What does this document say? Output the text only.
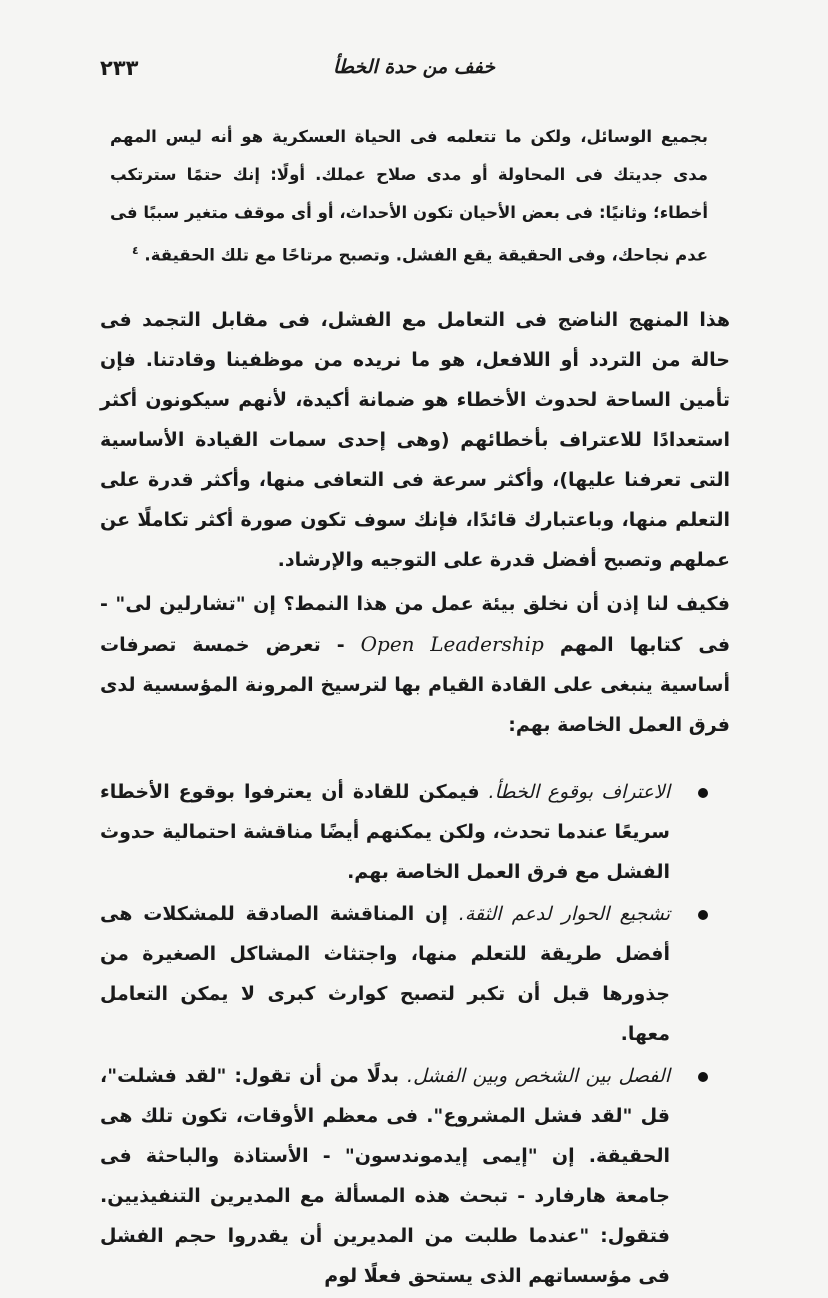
٢٣٣	خفف من حدة الخطأ
بجميع الوسائل، ولكن ما تتعلمه فى الحياة العسكرية هو أنه ليس المهم مدى جديتك فى المحاولة أو مدى صلاح عملك. أولًا: إنك حتمًا سترتكب أخطاء؛ وثانيًا: فى بعض الأحيان تكون الأحداث، أو أى موقف متغير سببًا فى عدم نجاحك، وفى الحقيقة يقع الفشل. وتصبح مرتاحًا مع تلك الحقيقة. $^٤$
هذا المنهج الناضج فى التعامل مع الفشل، فى مقابل التجمد فى حالة من التردد أو اللافعل، هو ما نريده من موظفينا وقادتنا. فإن تأمين الساحة لحدوث الأخطاء هو ضمانة أكيدة، لأنهم سيكونون أكثر استعدادًا للاعتراف بأخطائهم (وهى إحدى سمات القيادة الأساسية التى تعرفنا عليها)، وأكثر سرعة فى التعافى منها، وأكثر قدرة على التعلم منها، وباعتبارك قائدًا، فإنك سوف تكون صورة أكثر تكاملًا عن عملهم وتصبح أفضل قدرة على التوجيه والإرشاد.
فكيف لنا إذن أن نخلق بيئة عمل من هذا النمط؟ إن "تشارلين لى" - فى كتابها المهم Open Leadership - تعرض خمسة تصرفات أساسية ينبغى على القادة القيام بها لترسيخ المرونة المؤسسية لدى فرق العمل الخاصة بهم:
الاعتراف بوقوع الخطأ. فيمكن للقادة أن يعترفوا بوقوع الأخطاء سريعًا عندما تحدث، ولكن يمكنهم أيضًا مناقشة احتمالية حدوث الفشل مع فرق العمل الخاصة بهم.
تشجيع الحوار لدعم الثقة. إن المناقشة الصادقة للمشكلات هى أفضل طريقة للتعلم منها، واجتثاث المشاكل الصغيرة من جذورها قبل أن تكبر لتصبح كوارث كبرى لا يمكن التعامل معها.
الفصل بين الشخص وبين الفشل. بدلًا من أن تقول: "لقد فشلت"، قل "لقد فشل المشروع". فى معظم الأوقات، تكون تلك هى الحقيقة. إن "إيمى إيدموندسون" - الأستاذة والباحثة فى جامعة هارفارد - تبحث هذه المسألة مع المديرين التنفيذيين. فتقول: "عندما طلبت من المديرين أن يقدروا حجم الفشل فى مؤسساتهم الذى يستحق فعلًا لوم
